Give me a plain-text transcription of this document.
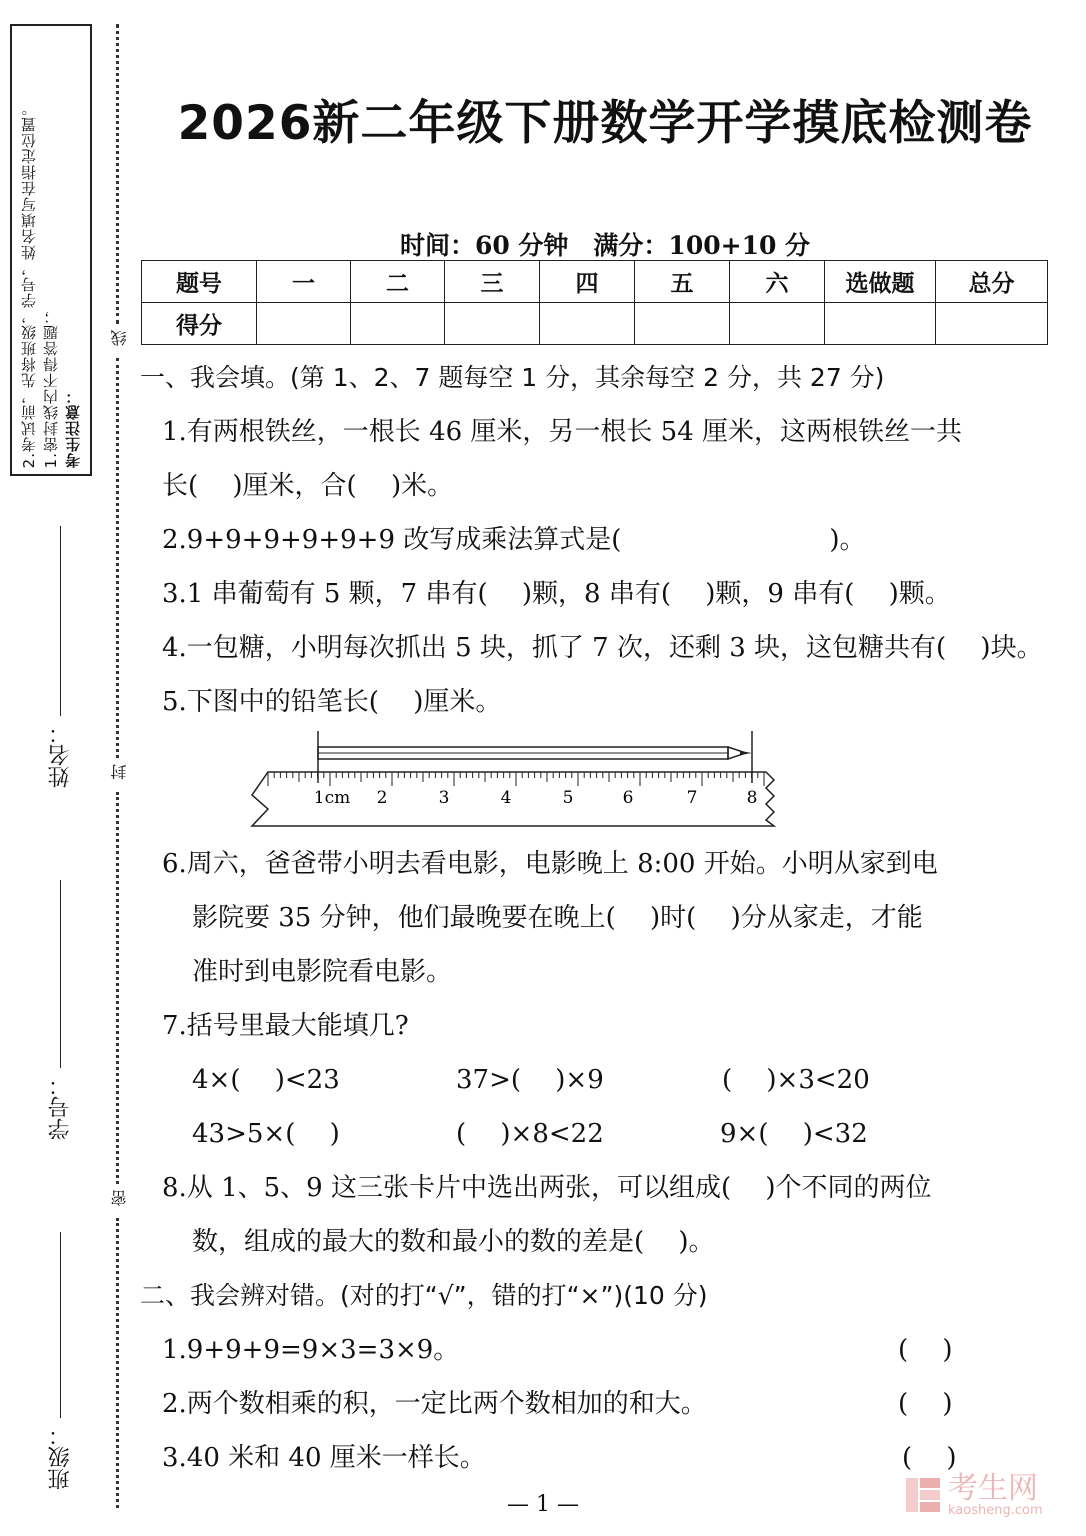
2.考试前，先将班级，学号，姓名填写在指定位置。 1.密封线内不得答题； 考生注意：
姓名：
学号：
班级：
线
封
密
2026新二年级下册数学开学摸底检测卷
时间：60 分钟　满分：100+10 分
题号	一	二	三	四	五	六	选做题	总分
得分								
一、我会填。(第 1、2、7 题每空 1 分，其余每空 2 分，共 27 分)
1.有两根铁丝，一根长 46 厘米，另一根长 54 厘米，这两根铁丝一共
长(　 )厘米，合(　 )米。
2.9+9+9+9+9+9 改写成乘法算式是(　　　　　　　　)。
3.1 串葡萄有 5 颗，7 串有(　 )颗，8 串有(　 )颗，9 串有(　 )颗。
4.一包糖，小明每次抓出 5 块，抓了 7 次，还剩 3 块，这包糖共有(　 )块。
5.下图中的铅笔长(　 )厘米。
1cm 2	3	4	5	6	7	8
6.周六，爸爸带小明去看电影，电影晚上 8:00 开始。小明从家到电
影院要 35 分钟，他们最晚要在晚上(　 )时(　 )分从家走，才能
准时到电影院看电影。
7.括号里最大能填几?
4×(　 )<23	37>(　 )×9	(　 )×3<20
43>5×(　 )	(　 )×8<22	9×(　 )<32
8.从 1、5、9 这三张卡片中选出两张，可以组成(　 )个不同的两位
数，组成的最大的数和最小的数的差是(　 )。
二、我会辨对错。(对的打“√”，错的打“×”)(10 分)
1.9+9+9=9×3=3×9。	(　 )
2.两个数相乘的积，一定比两个数相加的和大。	(　 )
3.40 米和 40 厘米一样长。	(　 )
— 1 —	考生网
kaosheng.com
